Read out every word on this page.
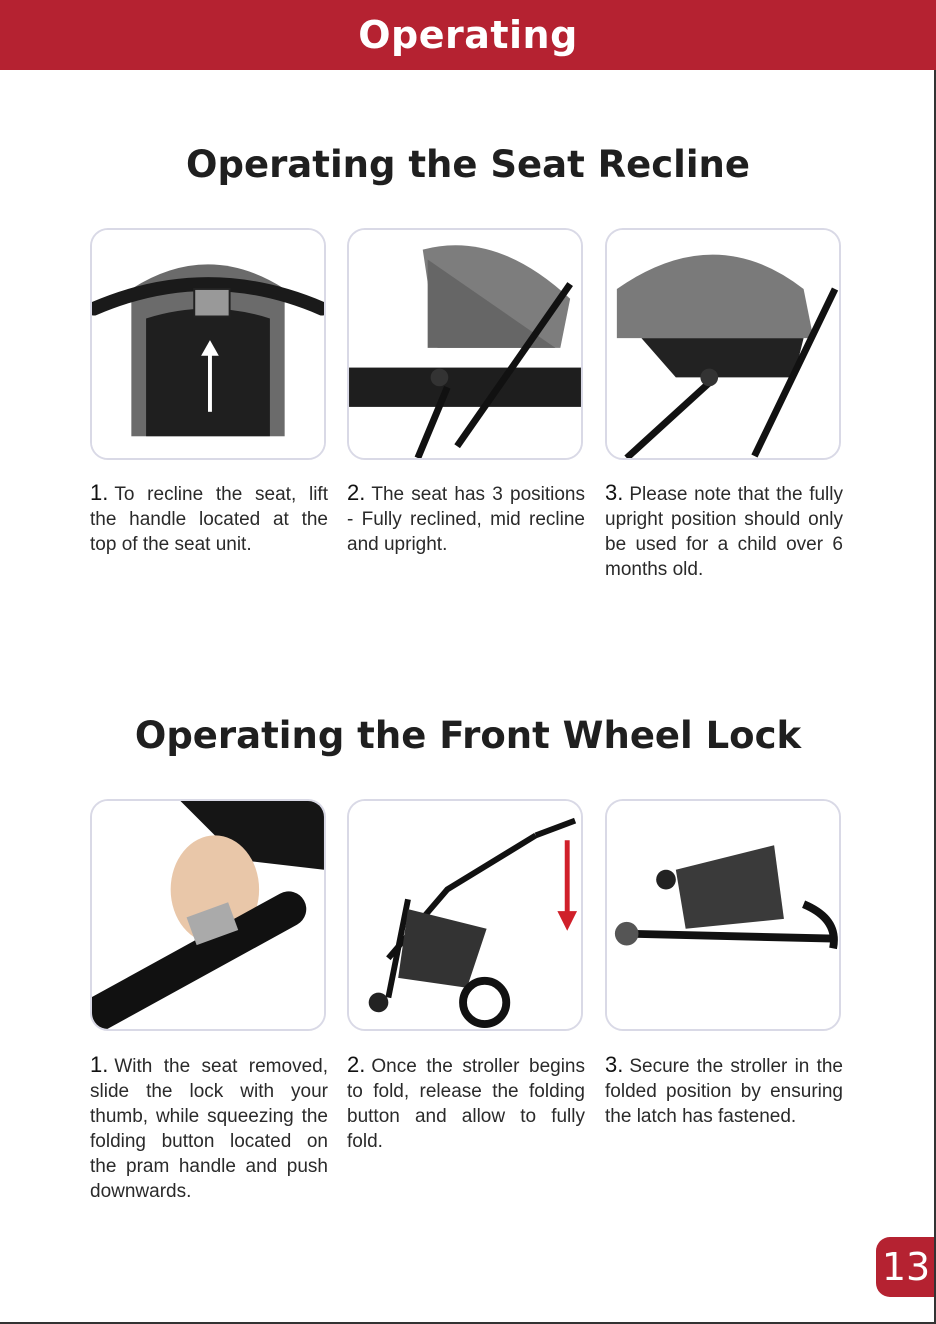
Operating
Operating the Seat Recline
1. To recline the seat, lift the handle located at the top of the seat unit.
2. The seat has 3 positions - Fully reclined, mid recline and upright.
3. Please note that the fully upright position should only be used for a child over 6 months old.
Operating the Front Wheel Lock
1. With the seat removed, slide the lock with your thumb, while squeezing the folding button located on the pram handle and push downwards.
2. Once the stroller begins to fold, release the folding button and allow to fully fold.
3. Secure the stroller in the folded position by ensuring the latch has fastened.
13
